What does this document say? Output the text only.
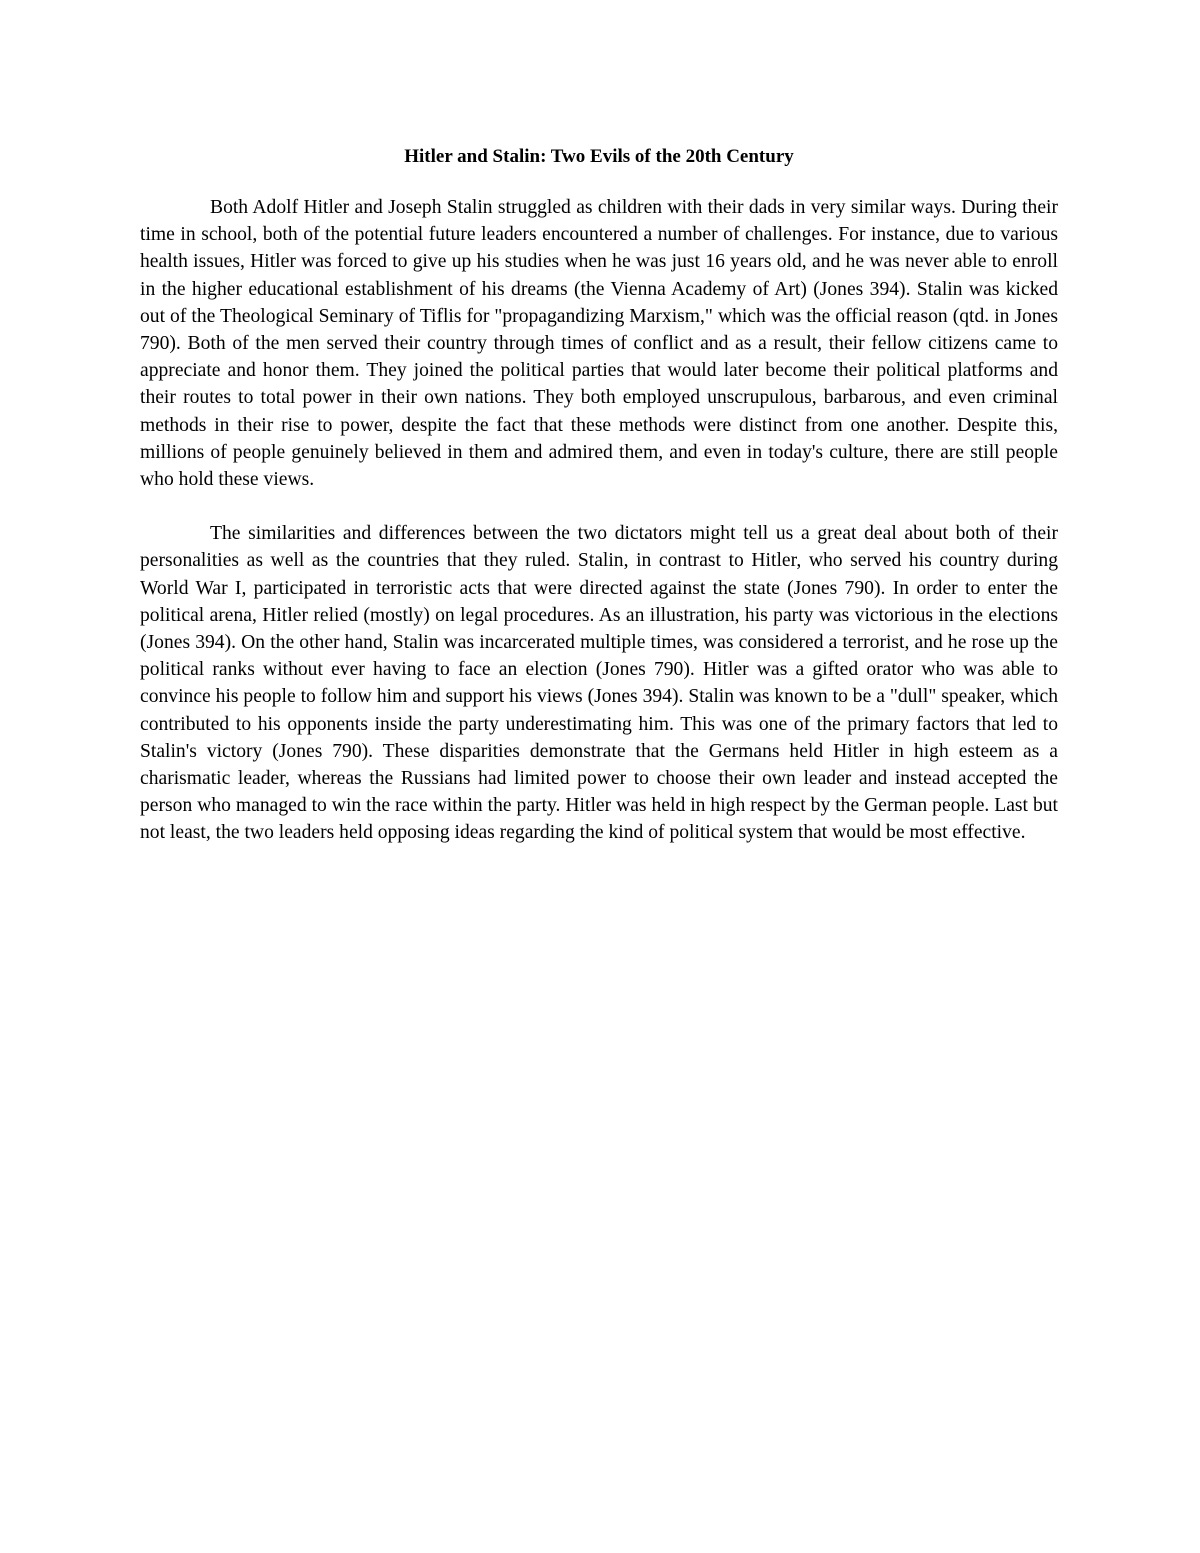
Hitler and Stalin: Two Evils of the 20th Century

Both Adolf Hitler and Joseph Stalin struggled as children with their dads in very similar ways. During their time in school, both of the potential future leaders encountered a number of challenges. For instance, due to various health issues, Hitler was forced to give up his studies when he was just 16 years old, and he was never able to enroll in the higher educational establishment of his dreams (the Vienna Academy of Art) (Jones 394). Stalin was kicked out of the Theological Seminary of Tiflis for "propagandizing Marxism," which was the official reason (qtd. in Jones 790). Both of the men served their country through times of conflict and as a result, their fellow citizens came to appreciate and honor them. They joined the political parties that would later become their political platforms and their routes to total power in their own nations. They both employed unscrupulous, barbarous, and even criminal methods in their rise to power, despite the fact that these methods were distinct from one another. Despite this, millions of people genuinely believed in them and admired them, and even in today's culture, there are still people who hold these views.

The similarities and differences between the two dictators might tell us a great deal about both of their personalities as well as the countries that they ruled. Stalin, in contrast to Hitler, who served his country during World War I, participated in terroristic acts that were directed against the state (Jones 790). In order to enter the political arena, Hitler relied (mostly) on legal procedures. As an illustration, his party was victorious in the elections (Jones 394). On the other hand, Stalin was incarcerated multiple times, was considered a terrorist, and he rose up the political ranks without ever having to face an election (Jones 790). Hitler was a gifted orator who was able to convince his people to follow him and support his views (Jones 394). Stalin was known to be a "dull" speaker, which contributed to his opponents inside the party underestimating him. This was one of the primary factors that led to Stalin's victory (Jones 790). These disparities demonstrate that the Germans held Hitler in high esteem as a charismatic leader, whereas the Russians had limited power to choose their own leader and instead accepted the person who managed to win the race within the party. Hitler was held in high respect by the German people. Last but not least, the two leaders held opposing ideas regarding the kind of political system that would be most effective.
